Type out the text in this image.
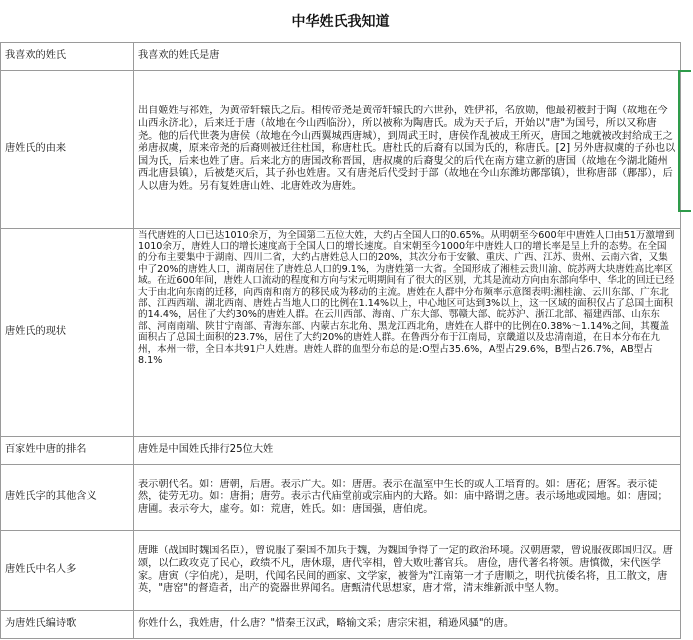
中华姓氏我知道
我喜欢的姓氏	我喜欢的姓氏是唐
唐姓氏的由来	出自姬姓与祁姓，为黄帝轩辕氏之后。相传帝尧是黄帝轩辕氏的六世孙，姓伊祁，名放勋，他最初被封于陶（故地在今山西永济北），后来迁于唐（故地在今山西临汾），所以被称为陶唐氏。成为天子后，开始以"唐"为国号，所以又称唐尧。他的后代世袭为唐侯（故地在今山西翼城西唐城），到周武王时，唐侯作乱被成王所灭，唐国之地就被改封给成王之弟唐叔虞，原来帝尧的后裔则被迁往杜国，称唐杜氏。唐杜氏的后裔有以国为氏的，称唐氏。[2] 另外唐叔虞的子孙也以国为氏，后来也姓了唐。后来北方的唐国改称晋国，唐叔虞的后裔叟父的后代在南方建立新的唐国（故地在今湖北随州西北唐县镇），后被楚灭后，其子孙也姓唐。又有唐尧后代受封于部（故地在今山东潍坊鄌郚镇），世称唐部（鄌郚），后人以唐为姓。另有复姓唐山姓、北唐姓改为唐姓。

唐姓氏的现状	当代唐姓的人口已达1010余万，为全国第二五位大姓，大约占全国人口的0.65%。从明朝至今600年中唐姓人口由51万激增到1010余万，唐姓人口的增长速度高于全国人口的增长速度。自宋朝至今1000年中唐姓人口的增长率是呈上升的态势。在全国的分布主要集中于湖南、四川二省，大约占唐姓总人口的20%，其次分布于安徽、重庆、广西、江苏、贵州、云南六省，又集中了20%的唐姓人口，湖南居住了唐姓总人口的9.1%，为唐姓第一大省。全国形成了湘桂云贵川渝、皖苏两大块唐姓高比率区域。在近600年间，唐姓人口流动的程度和方向与宋元明期间有了很大的区别，尤其是流动方向由东部向华中、华北的回迁已经大于由北向东南的迁移，向西南和南方的移民成为移动的主流。唐姓在人群中分布频率示意图表明:湘桂渝、云川东部、广东北部、江西西端、湖北西南、唐姓占当地人口的比例在1.14%以上，中心地区可达到3%以上，这一区域的面积仅占了总国土面积的14.4%，居住了大约30%的唐姓人群。在云川西部、海南、广东大部、鄂赣大部、皖苏沪、浙江北部、福建西部、山东东部、河南南端、陕甘宁南部、青海东部、内蒙古东北角、黑龙江西北角，唐姓在人群中的比例在0.38%～1.14%之间，其覆盖面积占了总国土面积的23.7%，居住了大约20%的唐姓人群。在鲁西分布于江南局，京畿道以及忠清南道，在日本分布在九州，本州一带，全日本共91户人姓唐。唐姓人群的血型分布总的是:O型占35.6%，A型占29.6%，B型占26.7%，AB型占8.1%

百家姓中唐的排名	唐姓是中国姓氏排行25位大姓
唐姓氏字的其他含义	表示朝代名。如：唐朝，后唐。表示广大。如：唐唐。表示在温室中生长的或人工培育的。如：唐花；唐客。表示徒然，徒劳无功。如：唐捐；唐劳。表示古代庙堂前或宗庙内的大路。如：庙中路谓之唐。表示场地或园地。如：唐园；唐圃。表示夸大，虚夸。如：荒唐，姓氏。如：唐国强，唐伯虎。

唐姓氏中名人多	唐雎（战国时魏国名臣），曾说服了秦国不加兵于魏，为魏国争得了一定的政治环境。汉朝唐蒙，曾说服夜郎国归汉。唐颂，以仁政攻克了民心，政绩不凡，唐休璟，唐代宰相，曾大败吐蕃官兵。 唐俭，唐代著名将领。唐慎微，宋代医学家。唐寅（字伯虎），是明，代闻名民间的画家、文学家，被誉为"江南第一才子唐顺之，明代抗倭名将，且工散文，唐英，"唐窑"的督造者，出产的瓷器世界闻名。唐甄清代思想家，唐才常，清末维新派中坚人物。

为唐姓氏编诗歌	你姓什么，我姓唐，什么唐？"惜秦王汉武，略输文采；唐宗宋祖，稍逊风骚"的唐。
